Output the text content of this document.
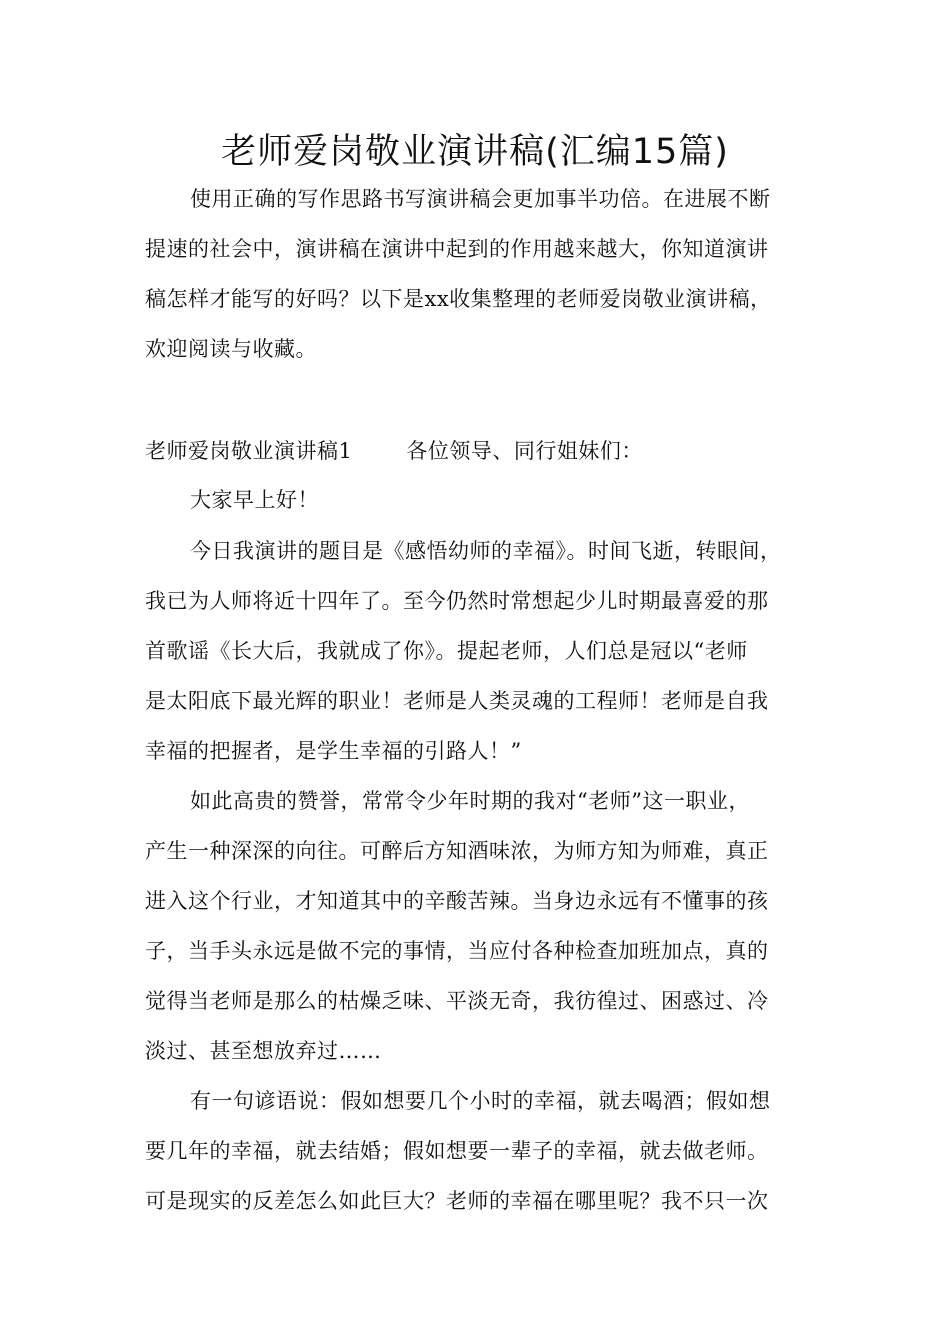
老师爱岗敬业演讲稿(汇编15篇)
使用正确的写作思路书写演讲稿会更加事半功倍。在进展不断
提速的社会中，演讲稿在演讲中起到的作用越来越大，你知道演讲
稿怎样才能写的好吗？以下是xx收集整理的老师爱岗敬业演讲稿，
欢迎阅读与收藏。
老师爱岗敬业演讲稿1	各位领导、同行姐妹们：
大家早上好！
今日我演讲的题目是《感悟幼师的幸福》。时间飞逝，转眼间，
我已为人师将近十四年了。至今仍然时常想起少儿时期最喜爱的那
首歌谣《长大后，我就成了你》。提起老师，人们总是冠以“老师
是太阳底下最光辉的职业！老师是人类灵魂的工程师！老师是自我
幸福的把握者，是学生幸福的引路人！”
如此高贵的赞誉，常常令少年时期的我对“老师”这一职业，
产生一种深深的向往。可醉后方知酒味浓，为师方知为师难，真正
进入这个行业，才知道其中的辛酸苦辣。当身边永远有不懂事的孩
子，当手头永远是做不完的事情，当应付各种检查加班加点，真的
觉得当老师是那么的枯燥乏味、平淡无奇，我彷徨过、困惑过、冷
淡过、甚至想放弃过……
有一句谚语说：假如想要几个小时的幸福，就去喝酒；假如想
要几年的幸福，就去结婚；假如想要一辈子的幸福，就去做老师。
可是现实的反差怎么如此巨大？老师的幸福在哪里呢？我不只一次
